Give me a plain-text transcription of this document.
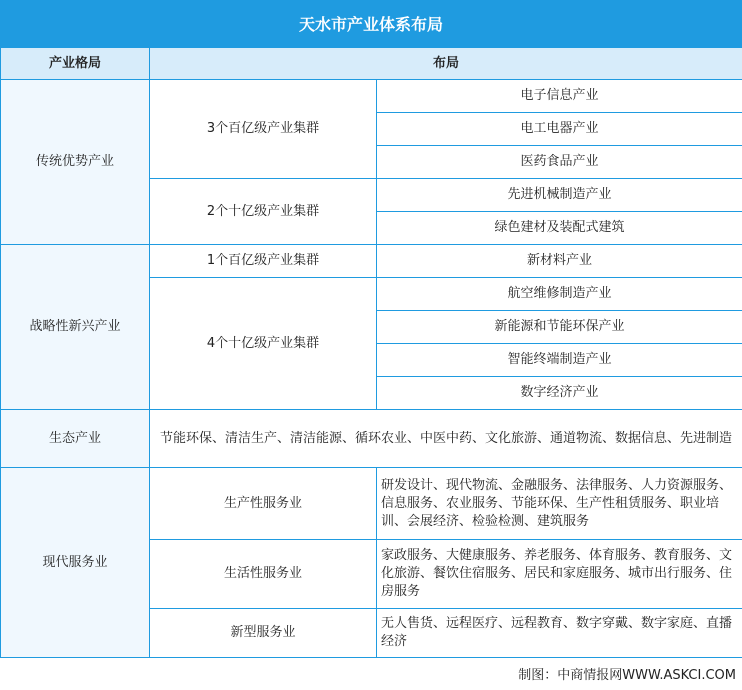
天水市产业体系布局
产业格局	布局	
传统优势产业	3个百亿级产业集群	电子信息产业
		电工电器产业
		医药食品产业
	2个十亿级产业集群	先进机械制造产业
		绿色建材及装配式建筑
战略性新兴产业	1个百亿级产业集群	新材料产业
	4个十亿级产业集群	航空维修制造产业
		新能源和节能环保产业
		智能终端制造产业
		数字经济产业
生态产业	节能环保、清洁生产、清洁能源、循环农业、中医中药、文化旅游、通道物流、数据信息、先进制造	
现代服务业	生产性服务业	研发设计、现代物流、金融服务、法律服务、人力资源服务、信息服务、农业服务、节能环保、生产性租赁服务、职业培训、会展经济、检验检测、建筑服务
	生活性服务业	家政服务、大健康服务、养老服务、体育服务、教育服务、文化旅游、餐饮住宿服务、居民和家庭服务、城市出行服务、住房服务
	新型服务业	无人售货、远程医疗、远程教育、数字穿戴、数字家庭、直播经济
制图：中商情报网WWW.ASKCI.COM
